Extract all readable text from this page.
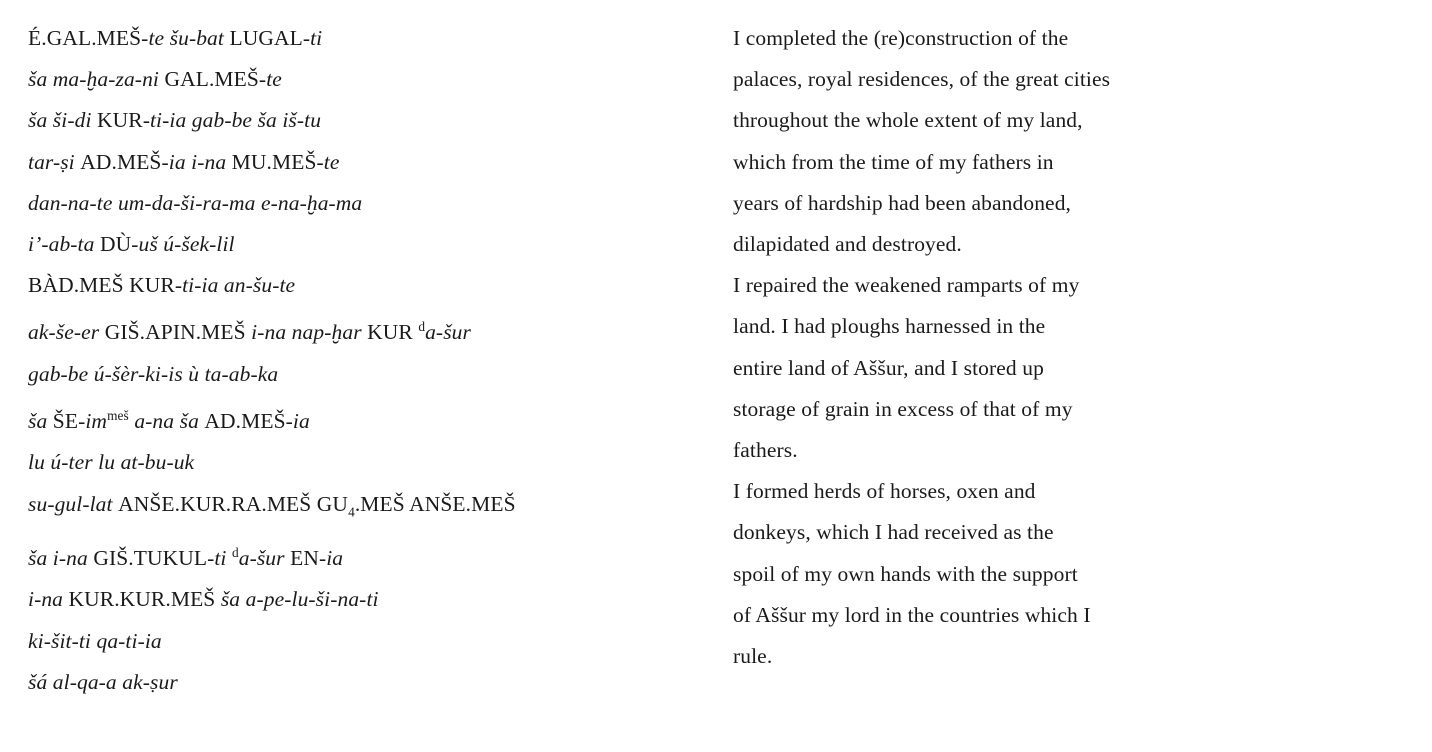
É.GAL.MEŠ-te šu-bat LUGAL-ti
ša ma-ḫa-za-ni GAL.MEŠ-te
ša ši-di KUR-ti-ia gab-be ša iš-tu
tar-ṣi AD.MEŠ-ia i-na MU.MEŠ-te
dan-na-te um-da-ši-ra-ma e-na-ḫa-ma
i’-ab-ta DÙ-uš ú-šek-lil
BÀD.MEŠ KUR-ti-ia an-šu-te
ak-še-er GIŠ.APIN.MEŠ i-na nap-ḫar KUR $^d$a-šur
gab-be ú-šèr-ki-is ù ta-ab-ka
ša $ŠE-im^{meš}$ a-na ša AD.MEŠ-ia
lu ú-ter lu at-bu-uk
su-gul-lat ANŠE.KUR.RA.MEŠ $GU_4.MEŠ$ ANŠE.MEŠ
ša i-na GIŠ.TUKUL-ti $^d$a-šur EN-ia
i-na KUR.KUR.MEŠ ša a-pe-lu-ši-na-ti
ki-šit-ti qa-ti-ia
šá al-qa-a ak-ṣur
I completed the (re)construction of the
palaces, royal residences, of the great cities
throughout the whole extent of my land,
which from the time of my fathers in
years of hardship had been abandoned,
dilapidated and destroyed.
I repaired the weakened ramparts of my
land. I had ploughs harnessed in the
entire land of Aššur, and I stored up
storage of grain in excess of that of my
fathers.
I formed herds of horses, oxen and
donkeys, which I had received as the
spoil of my own hands with the support
of Aššur my lord in the countries which I
rule.
